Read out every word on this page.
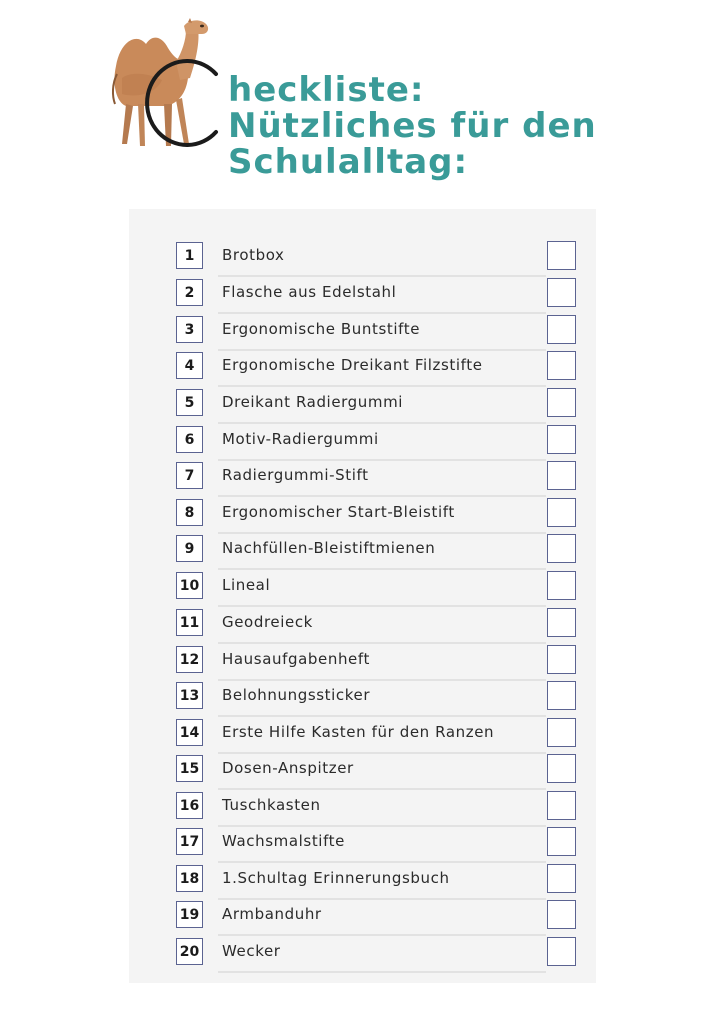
heckliste:
Nützliches für den
Schulalltag:
1	Brotbox
2	Flasche aus Edelstahl
3	Ergonomische Buntstifte
4	Ergonomische Dreikant Filzstifte
5	Dreikant Radiergummi
6	Motiv-Radiergummi
7	Radiergummi-Stift
8	Ergonomischer Start-Bleistift
9	Nachfüllen-Bleistiftmienen
10 Lineal
11 Geodreieck
12 Hausaufgabenheft
13 Belohnungssticker
14 Erste Hilfe Kasten für den Ranzen
15 Dosen-Anspitzer
16 Tuschkasten
17 Wachsmalstifte
18 1.Schultag Erinnerungsbuch
19 Armbanduhr
20 Wecker
